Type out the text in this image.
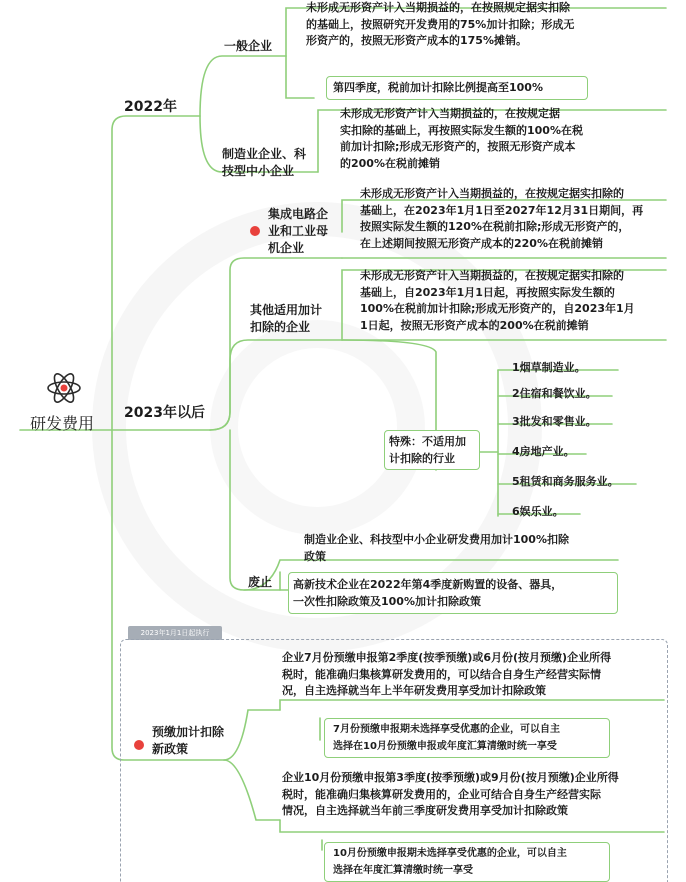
研发费用
2022年
一般企业
未形成无形资产计入当期损益的，在按照规定据实扣除
的基础上，按照研究开发费用的75%加计扣除；形成无
形资产的，按照无形资产成本的175%摊销。
第四季度，税前加计扣除比例提高至100%
制造业企业、科
技型中小企业
未形成无形资产计入当期损益的，在按规定据
实扣除的基础上，再按照实际发生额的100%在税
前加计扣除;形成无形资产的，按照无形资产成本
的200%在税前摊销
2023年以后
集成电路企
业和工业母
机企业
未形成无形资产计入当期损益的，在按规定据实扣除的
基础上，在2023年1月1日至2027年12月31日期间，再
按照实际发生额的120%在税前扣除;形成无形资产的，
在上述期间按照无形资产成本的220%在税前摊销
其他适用加计
扣除的企业
未形成无形资产计入当期损益的，在按规定据实扣除的
基础上，自2023年1月1日起，再按照实际发生额的
100%在税前加计扣除;形成无形资产的，自2023年1月
1日起，按照无形资产成本的200%在税前摊销
特殊：不适用加
计扣除的行业
1烟草制造业。
2住宿和餐饮业。
3批发和零售业。
4房地产业。
5租赁和商务服务业。
6娱乐业。
废止
制造业企业、科技型中小企业研发费用加计100%扣除
政策
高新技术企业在2022年第4季度新购置的设备、器具，
一次性扣除政策及100%加计扣除政策
2023年1月1日起执行
预缴加计扣除
新政策
企业7月份预缴申报第2季度(按季预缴)或6月份(按月预缴)企业所得
税时，能准确归集核算研发费用的，可以结合自身生产经营实际情
况，自主选择就当年上半年研发费用享受加计扣除政策
7月份预缴申报期未选择享受优惠的企业，可以自主
选择在10月份预缴申报或年度汇算清缴时统一享受
企业10月份预缴申报第3季度(按季预缴)或9月份(按月预缴)企业所得
税时，能准确归集核算研发费用的，企业可结合自身生产经营实际
情况，自主选择就当年前三季度研发费用享受加计扣除政策
10月份预缴申报期未选择享受优惠的企业，可以自主
选择在年度汇算清缴时统一享受
